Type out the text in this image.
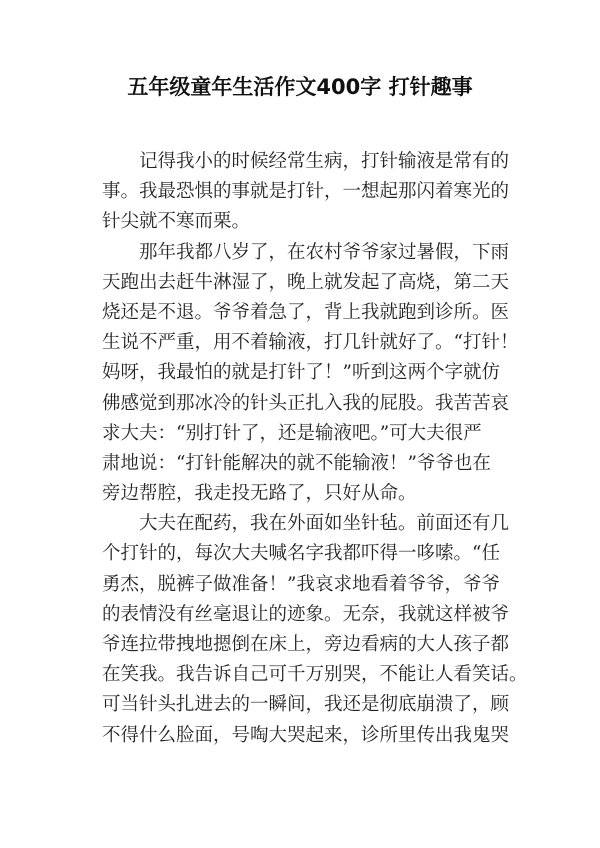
五年级童年生活作文400字 打针趣事
记得我小的时候经常生病，打针输液是常有的
事。我最恐惧的事就是打针，一想起那闪着寒光的
针尖就不寒而栗。
那年我都八岁了，在农村爷爷家过暑假，下雨
天跑出去赶牛淋湿了，晚上就发起了高烧，第二天
烧还是不退。爷爷着急了，背上我就跑到诊所。医
生说不严重，用不着输液，打几针就好了。“打针！
妈呀，我最怕的就是打针了！”听到这两个字就仿
佛感觉到那冰冷的针头正扎入我的屁股。我苦苦哀
求大夫：“别打针了，还是输液吧。”可大夫很严
肃地说：“打针能解决的就不能输液！”爷爷也在
旁边帮腔，我走投无路了，只好从命。
大夫在配药，我在外面如坐针毡。前面还有几
个打针的，每次大夫喊名字我都吓得一哆嗦。“任
勇杰，脱裤子做准备！”我哀求地看着爷爷，爷爷
的表情没有丝毫退让的迹象。无奈，我就这样被爷
爷连拉带拽地摁倒在床上，旁边看病的大人孩子都
在笑我。我告诉自己可千万别哭，不能让人看笑话。
可当针头扎进去的一瞬间，我还是彻底崩溃了，顾
不得什么脸面，号啕大哭起来，诊所里传出我鬼哭
